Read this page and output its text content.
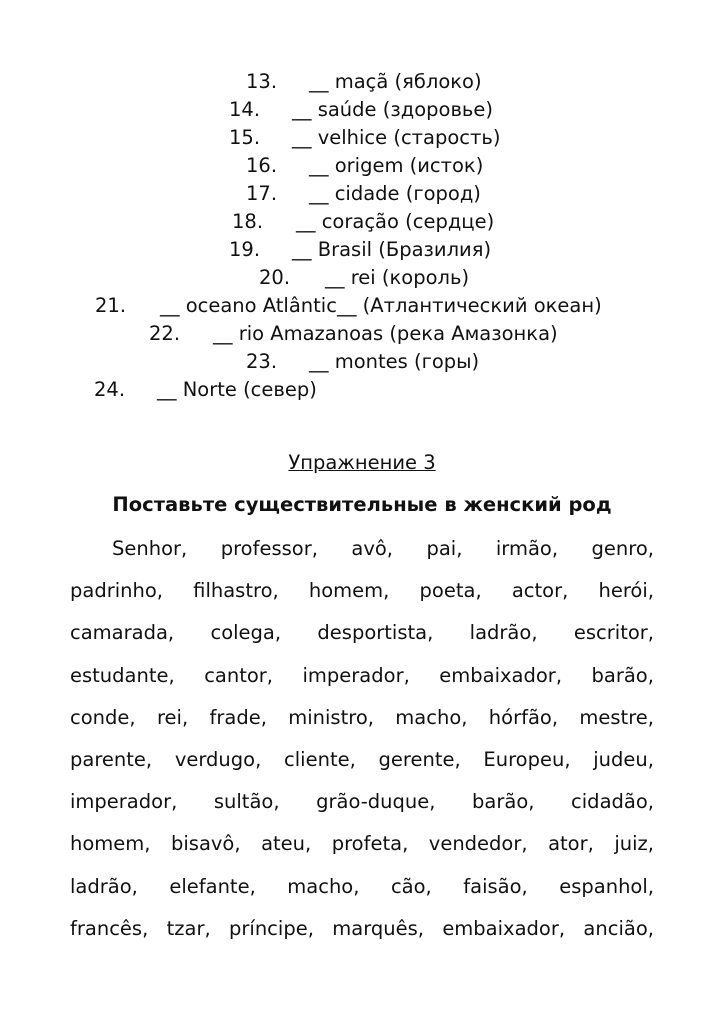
13. __ maçã (яблоко)
14. __ saúde (здоровье)
15. __ velhice (старость)
16. __ origem (исток)
17. __ cidade (город)
18. __ coração (сердце)
19. __ Brasil (Бразилия)
20. __ rei (король)
21. __ oceano Atlântic__ (Атлантический океан)
22. __ rio Amazanoas (река Амазонка)
23. __ montes (горы)
24. __ Norte (север)
Упражнение 3
Поставьте существительные в женский род
Senhor, professor, avô, pai, irmão, genro,
padrinho, filhastro, homem, poeta, actor, herói,
camarada, colega, desportista, ladrão, escritor,
estudante, cantor, imperador, embaixador, barão,
conde, rei, frade, ministro, macho, hórfão, mestre,
parente, verdugo, cliente, gerente, Europeu, judeu,
imperador, sultão, grão-duque, barão, cidadão,
homem, bisavô, ateu, profeta, vendedor, ator, juiz,
ladrão, elefante, macho, cão, faisão, espanhol,
francês, tzar, príncipe, marquês, embaixador, ancião,
